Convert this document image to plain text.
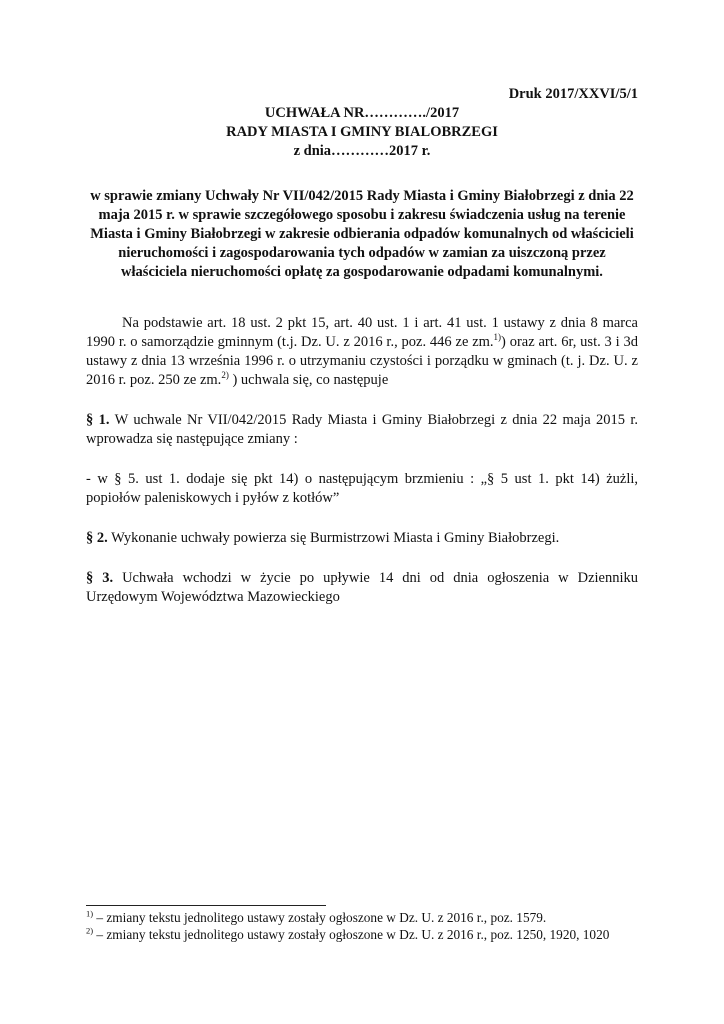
Druk 2017/XXVI/5/1
UCHWAŁA NR…………./2017
RADY MIASTA I GMINY BIALOBRZEGI
z dnia…………2017 r.
w sprawie zmiany Uchwały Nr VII/042/2015 Rady Miasta i Gminy Białobrzegi z dnia 22 maja 2015 r. w sprawie szczegółowego sposobu i zakresu świadczenia usług na terenie Miasta i Gminy Białobrzegi w zakresie odbierania odpadów komunalnych od właścicieli nieruchomości i zagospodarowania tych odpadów w zamian za uiszczoną przez właściciela nieruchomości opłatę za gospodarowanie odpadami komunalnymi.

Na podstawie art. 18 ust. 2 pkt 15, art. 40 ust. 1 i art. 41 ust. 1 ustawy z dnia 8 marca 1990 r. o samorządzie gminnym (t.j. Dz. U. z 2016 r., poz. 446 ze zm.$^{1)}$) oraz art. 6r, ust. 3 i 3d ustawy z dnia 13 września 1996 r. o utrzymaniu czystości i porządku w gminach (t. j. Dz. U. z 2016 r. poz. 250 ze zm.$^{2)}$ ) uchwala się, co następuje

§ 1. W uchwale Nr VII/042/2015 Rady Miasta i Gminy Białobrzegi z dnia 22 maja 2015 r. wprowadza się następujące zmiany :

- w § 5. ust 1. dodaje się pkt 14) o następującym brzmieniu : „§ 5 ust 1. pkt 14) żużli, popiołów paleniskowych i pyłów z kotłów”

§ 2. Wykonanie uchwały powierza się Burmistrzowi Miasta i Gminy Białobrzegi.

§ 3. Uchwała wchodzi w życie po upływie 14 dni od dnia ogłoszenia w Dzienniku Urzędowym Województwa Mazowieckiego

$^{1)}$ – zmiany tekstu jednolitego ustawy zostały ogłoszone w Dz. U. z 2016 r., poz. 1579.

$^{2)}$ – zmiany tekstu jednolitego ustawy zostały ogłoszone w Dz. U. z 2016 r., poz. 1250, 1920, 1020
